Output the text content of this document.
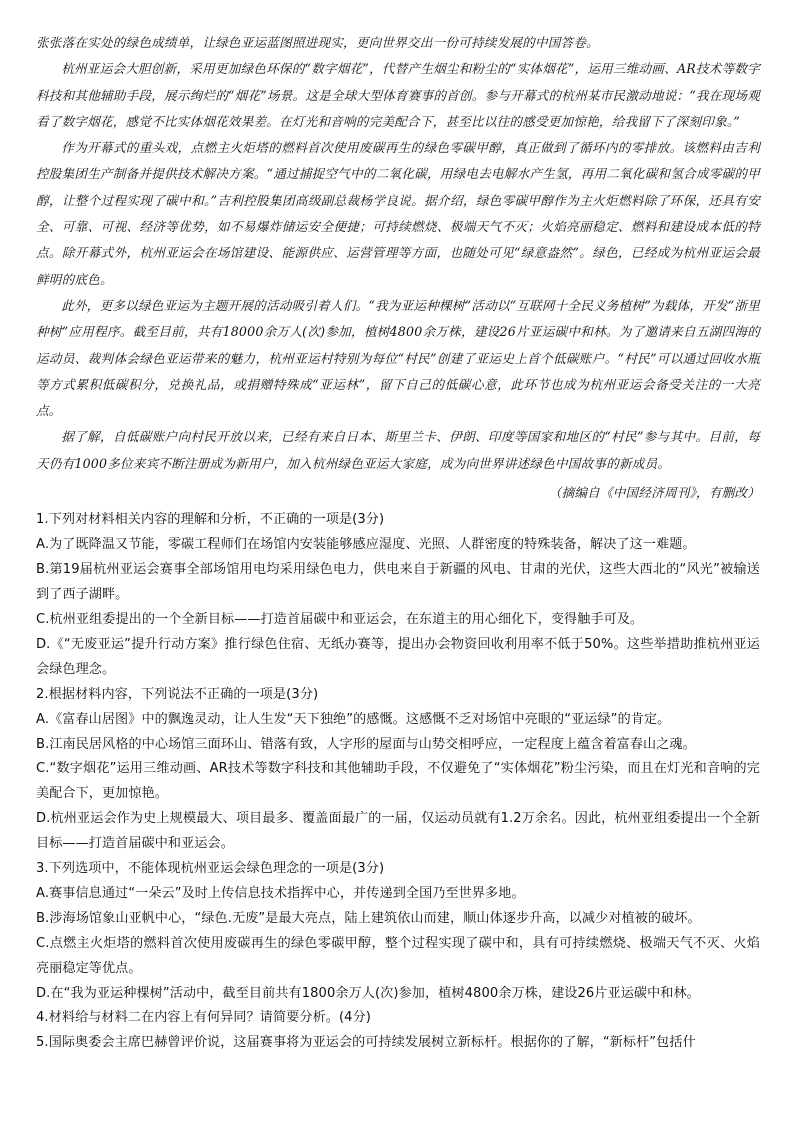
张张落在实处的绿色成绩单，让绿色亚运蓝图照进现实，更向世界交出一份可持续发展的中国答卷。

杭州亚运会大胆创新，采用更加绿色环保的“数字烟花”，代替产生烟尘和粉尘的“实体烟花”，运用三维动画、AR技术等数字科技和其他辅助手段，展示绚烂的“烟花”场景。这是全球大型体育赛事的首创。参与开幕式的杭州某市民激动地说：“我在现场观看了数字烟花，感觉不比实体烟花效果差。在灯光和音响的完美配合下，甚至比以往的感受更加惊艳，给我留下了深刻印象。”

作为开幕式的重头戏，点燃主火炬塔的燃料首次使用废碳再生的绿色零碳甲醇，真正做到了循环内的零排放。该燃料由吉利控股集团生产制备并提供技术解决方案。“通过捕捉空气中的二氧化碳，用绿电去电解水产生氢，再用二氧化碳和氢合成零碳的甲醇，让整个过程实现了碳中和。”吉利控股集团高级副总裁杨学良说。据介绍，绿色零碳甲醇作为主火炬燃料除了环保，还具有安全、可靠、可视、经济等优势，如不易爆炸储运安全便捷；可持续燃烧、极端天气不灭；火焰亮丽稳定、燃料和建设成本低的特点。除开幕式外，杭州亚运会在场馆建设、能源供应、运营管理等方面，也随处可见“绿意盎然”。绿色，已经成为杭州亚运会最鲜明的底色。

此外，更多以绿色亚运为主题开展的活动吸引着人们。“我为亚运种棵树”活动以“互联网十全民义务植树”为载体，开发“浙里种树”应用程序。截至目前，共有18000余万人(次)参加，植树4800余万株，建设26片亚运碳中和林。为了邀请来自五湖四海的运动员、裁判体会绿色亚运带来的魅力，杭州亚运村特别为每位“村民”创建了亚运史上首个低碳账户。“村民”可以通过回收水瓶等方式累积低碳积分，兑换礼品，或捐赠特殊成“亚运林”，留下自己的低碳心意，此环节也成为杭州亚运会备受关注的一大亮点。

据了解，自低碳账户向村民开放以来，已经有来自日本、斯里兰卡、伊朗、印度等国家和地区的“村民”参与其中。目前，每天仍有1000多位来宾不断注册成为新用户，加入杭州绿色亚运大家庭，成为向世界讲述绿色中国故事的新成员。

（摘编自《中国经济周刊》，有删改）

1.下列对材料相关内容的理解和分析，不正确的一项是(3分)
A.为了既降温又节能，零碳工程师们在场馆内安装能够感应湿度、光照、人群密度的特殊装备，解决了这一难题。
B.第19届杭州亚运会赛事全部场馆用电均采用绿色电力，供电来自于新疆的风电、甘肃的光伏，这些大西北的“风光”被输送到了西子湖畔。
C.杭州亚组委提出的一个全新目标——打造首届碳中和亚运会，在东道主的用心细化下，变得触手可及。
D.《“无废亚运”提升行动方案》推行绿色住宿、无纸办赛等，提出办会物资回收利用率不低于50%。这些举措助推杭州亚运会绿色理念。
2.根据材料内容，下列说法不正确的一项是(3分)
A.《富春山居图》中的飘逸灵动，让人生发“天下独绝”的感慨。这感慨不乏对场馆中亮眼的“亚运绿”的肯定。
B.江南民居风格的中心场馆三面环山、错落有致，人字形的屋面与山势交相呼应，一定程度上蕴含着富春山之魂。
C.“数字烟花”运用三维动画、AR技术等数字科技和其他辅助手段，不仅避免了“实体烟花”粉尘污染，而且在灯光和音响的完美配合下，更加惊艳。
D.杭州亚运会作为史上规模最大、项目最多、覆盖面最广的一届，仅运动员就有1.2万余名。因此，杭州亚组委提出一个全新目标——打造首届碳中和亚运会。
3.下列选项中，不能体现杭州亚运会绿色理念的一项是(3分)
A.赛事信息通过“一朵云”及时上传信息技术指挥中心，并传递到全国乃至世界多地。
B.涉海场馆象山亚帆中心，“绿色.无废”是最大亮点，陆上建筑依山而建，顺山体逐步升高，以减少对植被的破坏。
C.点燃主火炬塔的燃料首次使用废碳再生的绿色零碳甲醇，整个过程实现了碳中和，具有可持续燃烧、极端天气不灭、火焰亮丽稳定等优点。
D.在“我为亚运种棵树”活动中，截至目前共有1800余万人(次)参加，植树4800余万株，建设26片亚运碳中和林。
4.材料给与材料二在内容上有何异同？请简要分析。(4分)
5.国际奥委会主席巴赫曾评价说，这届赛事将为亚运会的可持续发展树立新标杆。根据你的了解，“新标杆”包括什
